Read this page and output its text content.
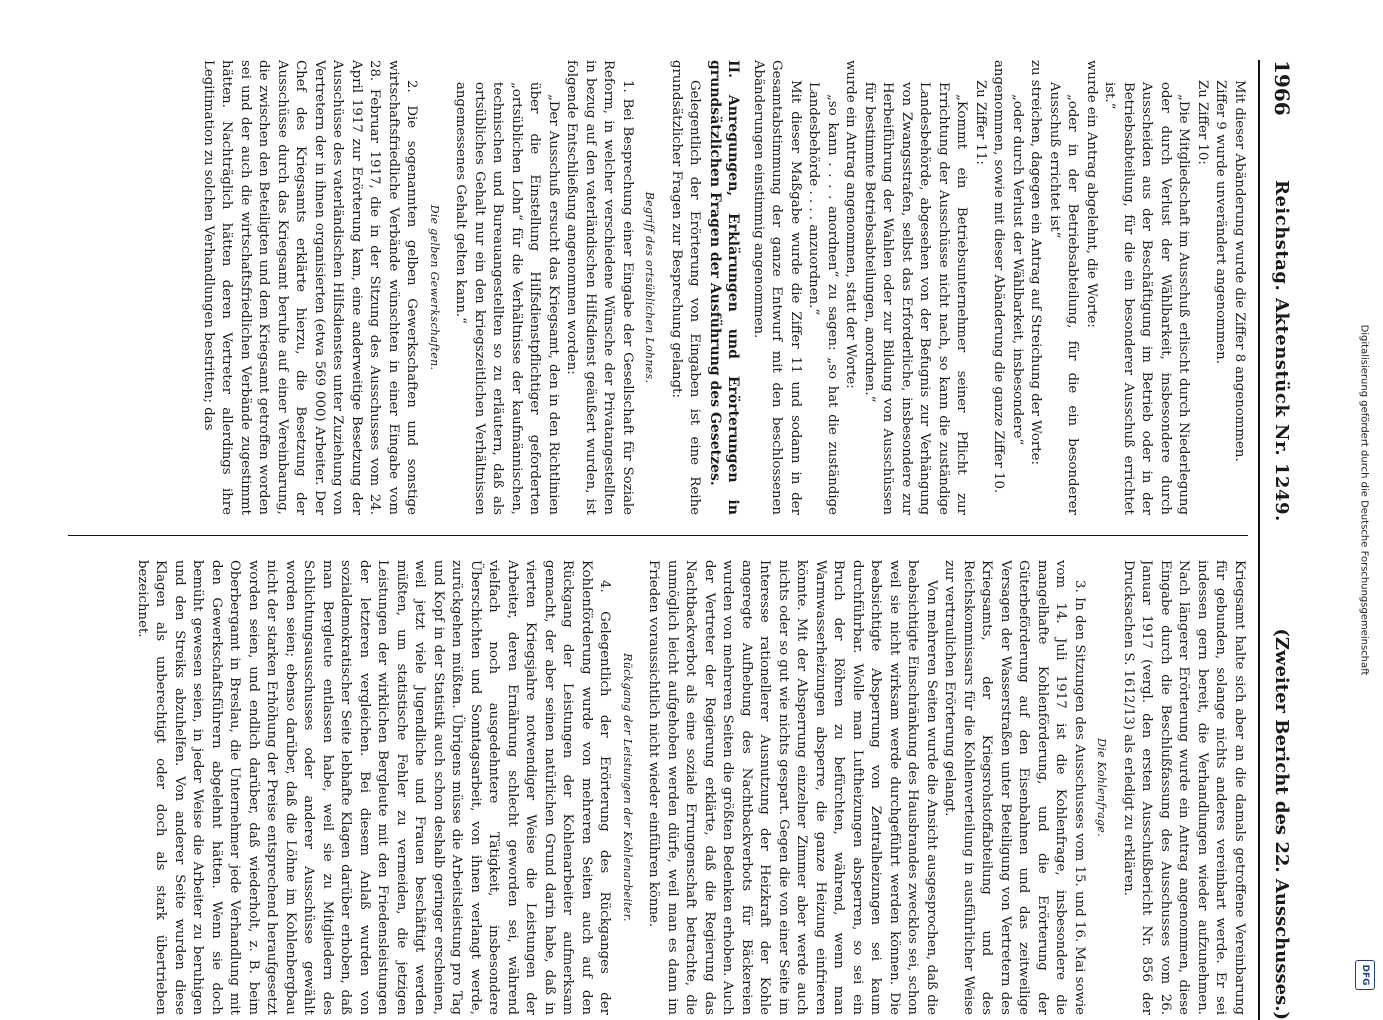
1966
Reichstag. Aktenstück Nr. 1249.
(Zweiter Bericht des 22. Ausschusses.)

Mit dieser Abänderung wurde die Ziffer 8 angenommen.

Ziffer 9 wurde unverändert angenommen.

Zu Ziffer 10:

„Die Mitgliedschaft im Ausschuß erlischt durch Niederlegung oder durch Verlust der Wählbarkeit, insbesondere durch Ausscheiden aus der Beschäftigung im Betrieb oder in der Betriebsabteilung, für die ein besonderer Ausschuß errichtet ist.“

wurde ein Antrag abgelehnt, die Worte:

„oder in der Betriebsabteilung, für die ein besonderer Ausschuß errichtet ist“

zu streichen, dagegen ein Antrag auf Streichung der Worte:

„oder durch Verlust der Wählbarkeit, insbesondere“

angenommen, sowie mit dieser Abänderung die ganze Ziffer 10.

Zu Ziffer 11:

„Kommt ein Betriebsunternehmer seiner Pflicht zur Errichtung der Ausschüsse nicht nach, so kann die zuständige Landesbehörde, abgesehen von der Befugnis zur Verhängung von Zwangsstrafen, selbst das Erforderliche, insbesondere zur Herbeiführung der Wahlen oder zur Bildung von Ausschüssen für bestimmte Betriebsabteilungen, anordnen.“

wurde ein Antrag angenommen, statt der Worte:

„so kann . . . . anordnen“ zu sagen: „so hat die zuständige Landesbehörde . . . . anzuordnen.“

Mit dieser Maßgabe wurde die Ziffer 11 und sodann in der Gesamtabstimmung der ganze Entwurf mit den beschlossenen Abänderungen einstimmig angenommen.

II. Anregungen, Erklärungen und Erörterungen in grundsätzlichen Fragen der Ausführung des Gesetzes.

Gelegentlich der Erörterung von Eingaben ist eine Reihe grundsätzlicher Fragen zur Besprechung gelangt:

Begriff des ortsüblichen Lohnes.

1. Bei Besprechung einer Eingabe der Gesellschaft für Soziale Reform, in welcher verschiedene Wünsche der Privatangestellten in bezug auf den vaterländischen Hilfsdienst geäußert wurden, ist folgende Entschließung angenommen worden:

„Der Ausschuß ersucht das Kriegsamt, den in den Richtlinien über die Einstellung Hilfsdienstpflichtiger geforderten „ortsüblichen Lohn“ für die Verhältnisse der kaufmännischen, technischen und Bureauangestellten so zu erläutern, daß als ortsübliches Gehalt nur ein den kriegszeitlichen Verhältnissen angemessenes Gehalt gelten kann.“

Die gelben Gewerkschaften.

2. Die sogenannten gelben Gewerkschaften und sonstige wirtschaftsfriedliche Verbände wünschten in einer Eingabe vom 28. Februar 1917, die in der Sitzung des Ausschusses vom 24. April 1917 zur Erörterung kam, eine anderweitige Besetzung der Ausschüsse des vaterländischen Hilfsdienstes unter Zuziehung von Vertretern der in ihnen organisierten (etwa 569 000) Arbeiter. Der Chef des Kriegsamts erklärte hierzu, die Besetzung der Ausschüsse durch das Kriegsamt beruhe auf einer Vereinbarung, die zwischen den Beteiligten und dem Kriegsamt getroffen worden sei und der auch die wirtschaftsfriedlichen Verbände zugestimmt hätten. Nachträglich hätten deren Vertreter allerdings ihre Legitimation zu solchen Verhandlungen bestritten; das

Kriegsamt halte sich aber an die damals getroffene Vereinbarung für gebunden, solange nichts anderes vereinbart werde. Er sei indessen gern bereit, die Verhandlungen wieder aufzunehmen. Nach längerer Erörterung wurde ein Antrag angenommen, diese Eingabe durch die Beschlußfassung des Ausschusses vom 26. Januar 1917 (vergl. den ersten Ausschußbericht Nr. 856 der Drucksachen S. 1612/13) als erledigt zu erklären.

Die Kohlenfrage.

3. In den Sitzungen des Ausschusses vom 15. und 16. Mai sowie vom 14. Juli 1917 ist die Kohlenfrage, insbesondere die mangelhafte Kohlenförderung, und die Erörterung der Güterbeförderung auf den Eisenbahnen und das zeitweilige Versagen der Wasserstraßen unter Beteiligung von Vertretern des Kriegsamts, der Kriegsrohstoffabteilung und des Reichskommissars für die Kohlenverteilung in ausführlicher Weise zur vertraulichen Erörterung gelangt.

Von mehreren Seiten wurde die Ansicht ausgesprochen, daß die beabsichtigte Einschränkung des Hausbrandes zwecklos sei, schon weil sie nicht wirksam werde durchgeführt werden können. Die beabsichtigte Absperrung von Zentralheizungen sei kaum durchführbar. Wolle man Luftheizungen absperren, so sei ein Bruch der Röhren zu befürchten, während, wenn man Warmwasserheizungen absperre, die ganze Heizung einfrieren könnte. Mit der Absperrung einzelner Zimmer aber werde auch nichts oder so gut wie nichts gespart. Gegen die von einer Seite im Interesse rationellerer Ausnutzung der Heizkraft der Kohle angeregte Aufhebung des Nachtbackverbots für Bäckereien wurden von mehreren Seiten die größten Bedenken erhoben. Auch der Vertreter der Regierung erklärte, daß die Regierung das Nachtbackverbot als eine soziale Errungenschaft betrachte, die unmöglich leicht aufgehoben werden dürfe, weil man es dann im Frieden voraussichtlich nicht wieder einführen könne.

Rückgang der Leistungen der Kohlenarbeiter.

4. Gelegentlich der Erörterung des Rückganges der Kohlenförderung wurde von mehreren Seiten auch auf den Rückgang der Leistungen der Kohlenarbeiter aufmerksam gemacht, der aber seinen natürlichen Grund darin habe, daß in vierten Kriegsjahre notwendiger Weise die Leistungen der Arbeiter, deren Ernährung schlecht geworden sei, während vielfach noch ausgedehntere Tätigkeit, insbesondere Überschichten und Sonntagsarbeit, von ihnen verlangt werde, zurückgehen müßten. Übrigens müsse die Arbeitsleistung pro Tag und Kopf in der Statistik auch schon deshalb geringer erscheinen, weil jetzt viele Jugendliche und Frauen beschäftigt werden müßten, um statistische Fehler zu vermeiden, die jetzigen Leistungen der wirklichen Bergleute mit den Friedensleistungen der letzteren vergleichen. Bei diesem Anlaß wurden von sozialdemokratischer Seite lebhafte Klagen darüber erhoben, daß man Bergleute entlassen habe, weil sie zu Mitgliedern des Schlichtungsausschusses oder anderer Ausschüsse gewählt worden seien; ebenso darüber, daß die Löhne im Kohlenbergbau nicht der starken Erhöhung der Preise entsprechend heraufgesetzt worden seien, und endlich darüber, daß wiederholt, z. B. beim Oberbergamt in Breslau, die Unternehmer jede Verhandlung mit den Gewerkschaftsführern abgelehnt hätten. Wenn sie doch bemüht gewesen seien, in jeder Weise die Arbeiter zu beruhigen und den Streiks abzuhelfen. Von anderer Seite wurden diese Klagen als unberechtigt oder doch als stark übertrieben bezeichnet.	Digitalisierung gefördert durch die Deutsche Forschungsgemeinschaft
DFG
